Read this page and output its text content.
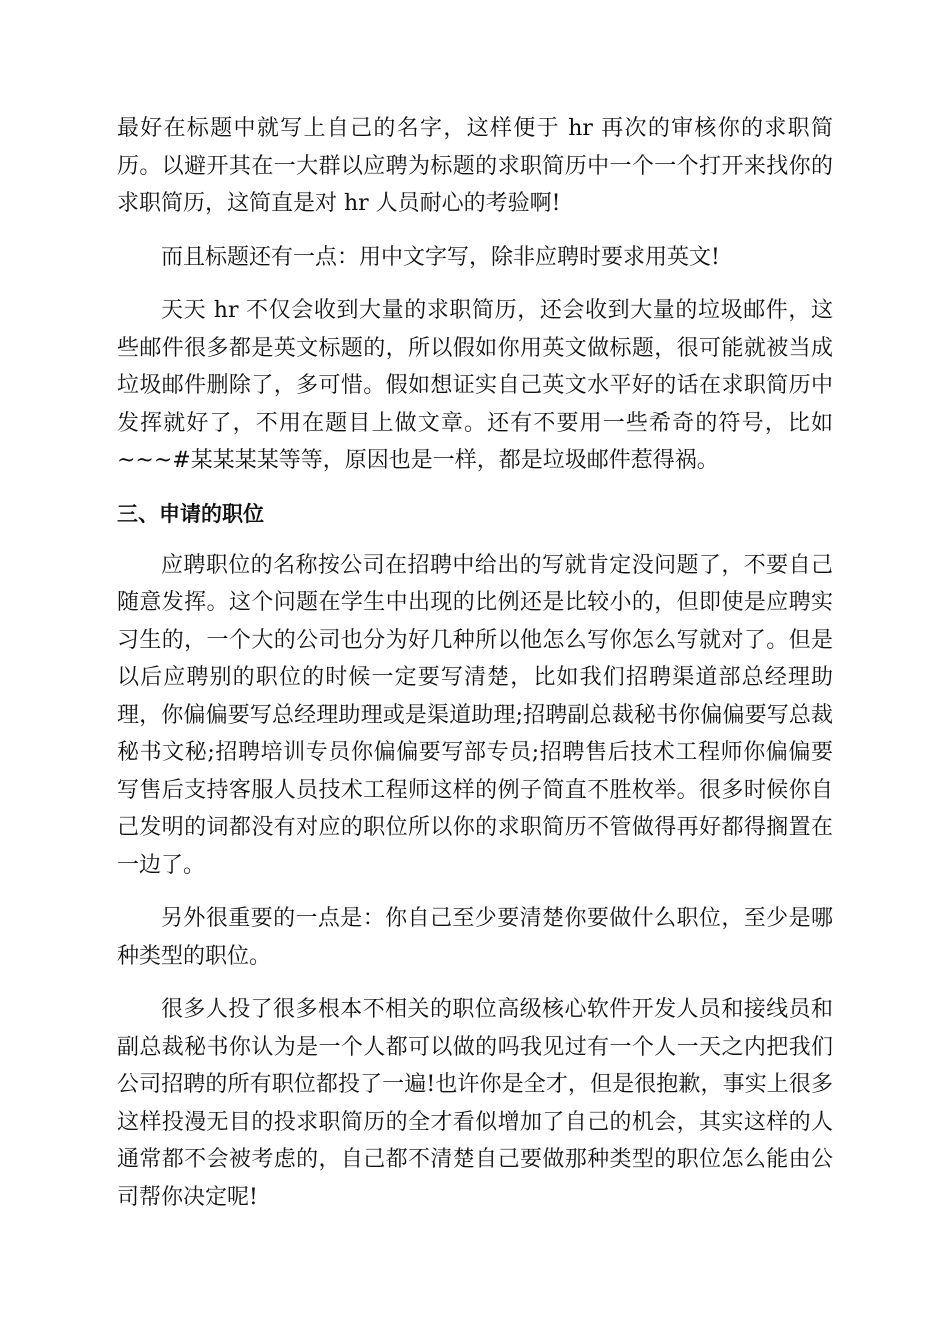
最好在标题中就写上自己的名字，这样便于 hr 再次的审核你的求职简历。以避开其在一大群以应聘为标题的求职简历中一个一个打开来找你的求职简历，这简直是对 hr 人员耐心的考验啊!

而且标题还有一点：用中文字写，除非应聘时要求用英文!

天天 hr 不仅会收到大量的求职简历，还会收到大量的垃圾邮件，这些邮件很多都是英文标题的，所以假如你用英文做标题，很可能就被当成垃圾邮件删除了，多可惜。假如想证实自己英文水平好的话在求职简历中发挥就好了，不用在题目上做文章。还有不要用一些希奇的符号，比如~~~#某某某某等等，原因也是一样，都是垃圾邮件惹得祸。

三、申请的职位

应聘职位的名称按公司在招聘中给出的写就肯定没问题了，不要自己随意发挥。这个问题在学生中出现的比例还是比较小的，但即使是应聘实习生的，一个大的公司也分为好几种所以他怎么写你怎么写就对了。但是以后应聘别的职位的时候一定要写清楚，比如我们招聘渠道部总经理助理，你偏偏要写总经理助理或是渠道助理;招聘副总裁秘书你偏偏要写总裁秘书文秘;招聘培训专员你偏偏要写部专员;招聘售后技术工程师你偏偏要写售后支持客服人员技术工程师这样的例子简直不胜枚举。很多时候你自己发明的词都没有对应的职位所以你的求职简历不管做得再好都得搁置在一边了。

另外很重要的一点是：你自己至少要清楚你要做什么职位，至少是哪种类型的职位。

很多人投了很多根本不相关的职位高级核心软件开发人员和接线员和副总裁秘书你认为是一个人都可以做的吗我见过有一个人一天之内把我们公司招聘的所有职位都投了一遍!也许你是全才，但是很抱歉，事实上很多这样投漫无目的投求职简历的全才看似增加了自己的机会，其实这样的人通常都不会被考虑的，自己都不清楚自己要做那种类型的职位怎么能由公司帮你决定呢!
